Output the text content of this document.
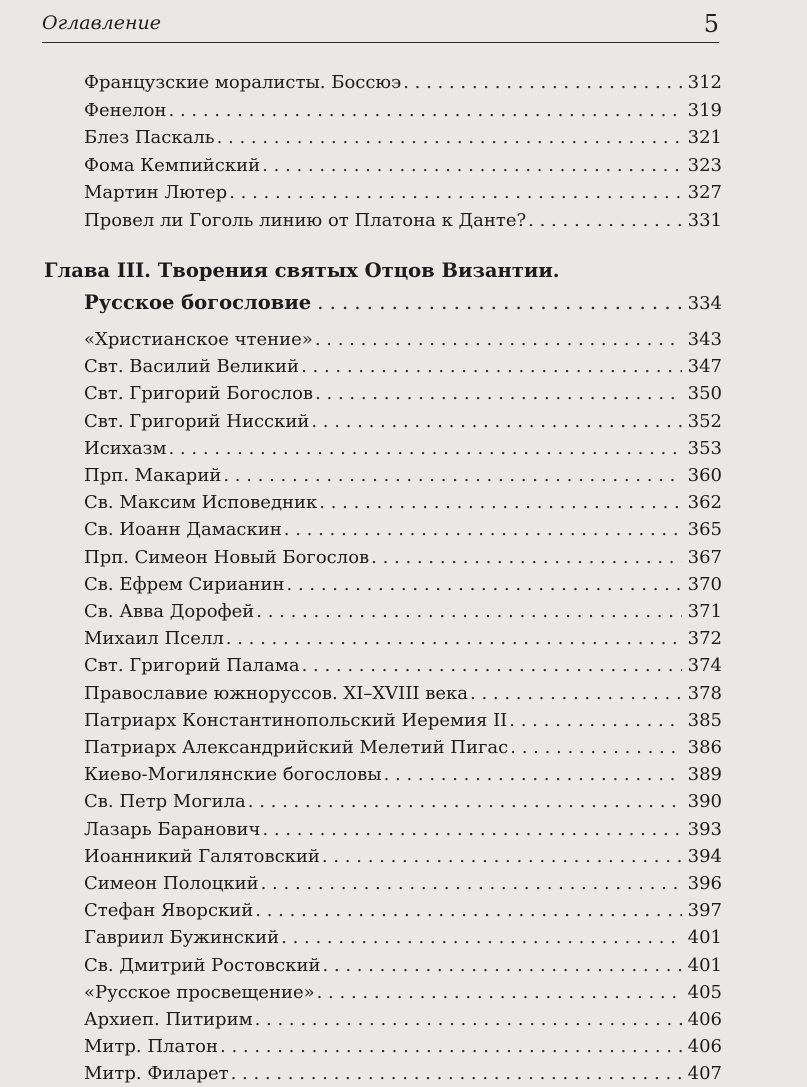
Оглавление	5
Французские моралисты. Боссюэ . . .	312
Фенелон . . .	319
Блез Паскаль . . .	321
Фома Кемпийский . . .	323
Мартин Лютер . . .	327
Провел ли Гоголь линию от Платона к Данте? . . .	331
Глава III. Творения святых Отцов Византии.
Русское богословие . . .	334
«Христианское чтение» . . .	343
Свт. Василий Великий . . .	347
Свт. Григорий Богослов . . .	350
Свт. Григорий Нисский . . .	352
Исихазм . . .	353
Прп. Макарий . . .	360
Св. Максим Исповедник . . .	362
Св. Иоанн Дамаскин . . .	365
Прп. Симеон Новый Богослов . . .	367
Св. Ефрем Сирианин . . .	370
Св. Авва Дорофей . . .	371
Михаил Пселл . . .	372
Свт. Григорий Палама . . .	374
Православие южноруссов. XI–XVIII века . . .	378
Патриарх Константинопольский Иеремия II . . .	385
Патриарх Александрийский Мелетий Пигас . . .	386
Киево-Могилянские богословы . . .	389
Св. Петр Могила . . .	390
Лазарь Баранович . . .	393
Иоанникий Галятовский . . .	394
Симеон Полоцкий . . .	396
Стефан Яворский . . .	397
Гавриил Бужинский . . .	401
Св. Дмитрий Ростовский . . .	401
«Русское просвещение» . . .	405
Архиеп. Питирим . . .	406
Митр. Платон . . .	406
Митр. Филарет . . .	407
